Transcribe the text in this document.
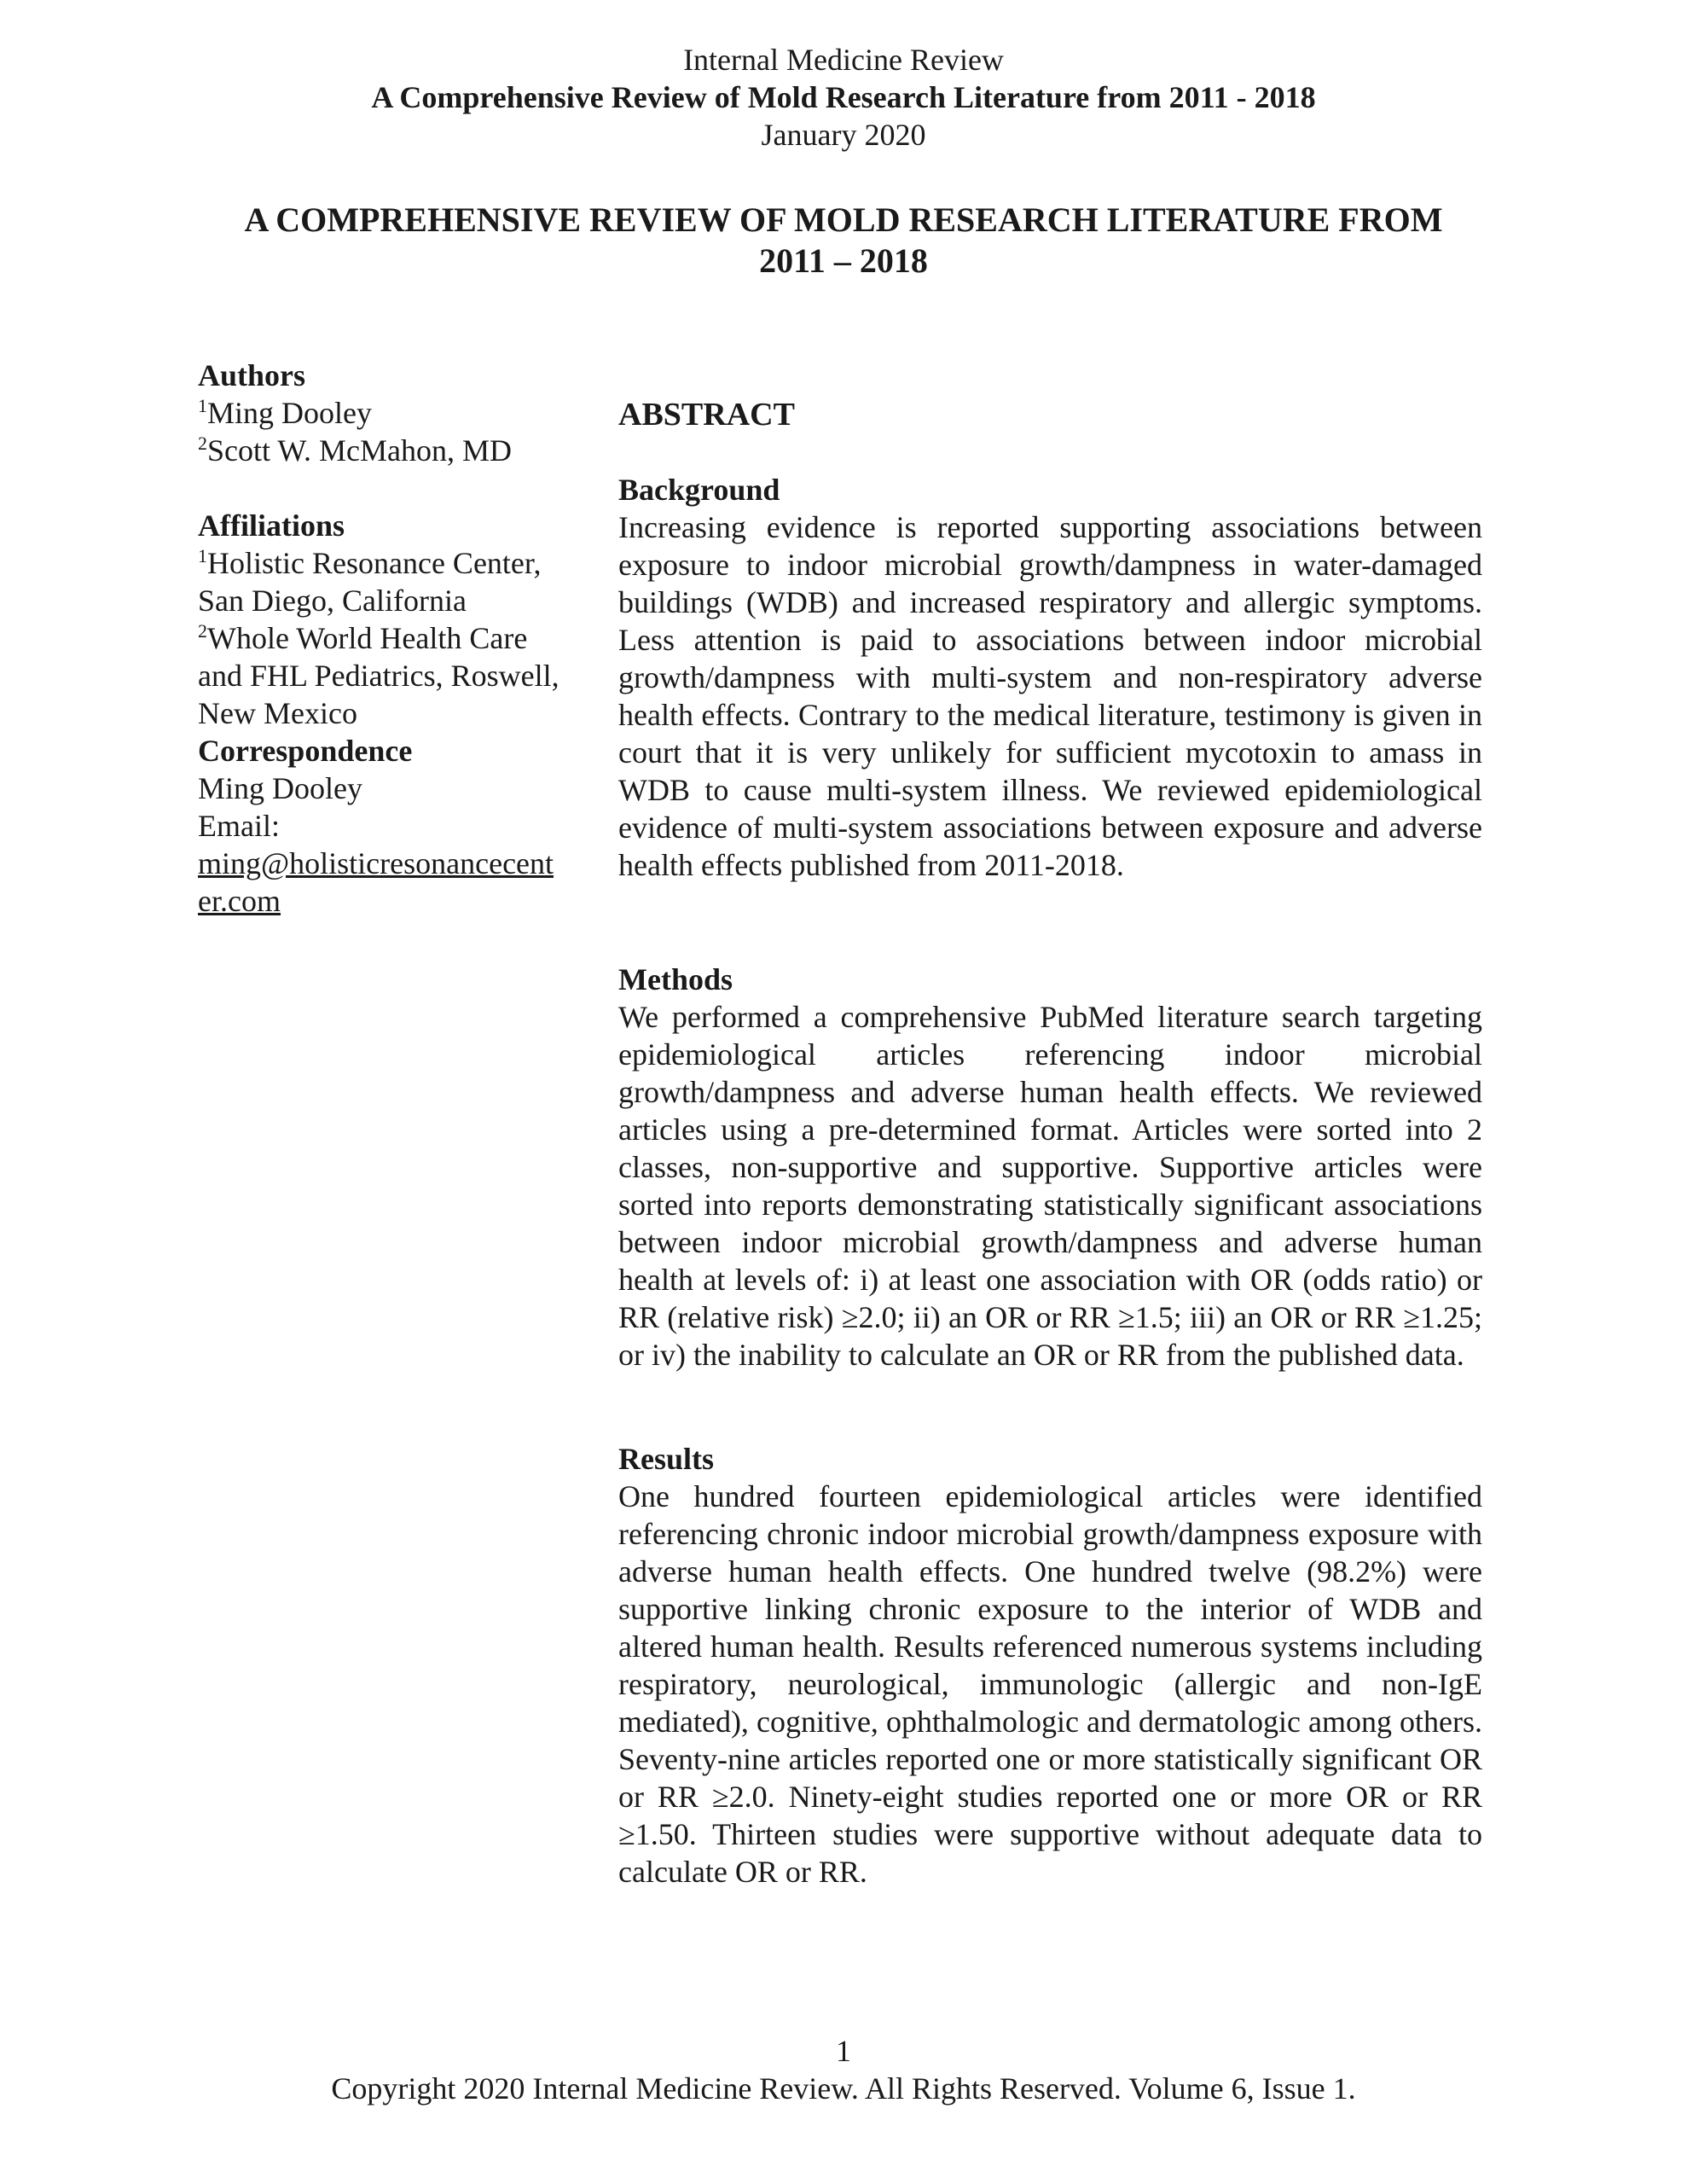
Internal Medicine Review
A Comprehensive Review of Mold Research Literature from 2011 - 2018
January 2020
A COMPREHENSIVE REVIEW OF MOLD RESEARCH LITERATURE FROM
2011 – 2018
Authors
$^1$Ming Dooley
$^2$Scott W. McMahon, MD
Affiliations
$^1$Holistic Resonance Center, San Diego, California
$^2$Whole World Health Care and FHL Pediatrics, Roswell, New Mexico
Correspondence
Ming Dooley
Email:
ming@holisticresonancecenter.com
ABSTRACT
Background
Increasing evidence is reported supporting associations between exposure to indoor microbial growth/dampness in water-damaged buildings (WDB) and increased respiratory and allergic symptoms. Less attention is paid to associations between indoor microbial growth/dampness with multi-system and non-respiratory adverse health effects. Contrary to the medical literature, testimony is given in court that it is very unlikely for sufficient mycotoxin to amass in WDB to cause multi-system illness. We reviewed epidemiological evidence of multi-system associations between exposure and adverse health effects published from 2011-2018.
Methods
We performed a comprehensive PubMed literature search targeting epidemiological articles referencing indoor microbial growth/dampness and adverse human health effects. We reviewed articles using a pre-determined format. Articles were sorted into 2 classes, non-supportive and supportive. Supportive articles were sorted into reports demonstrating statistically significant associations between indoor microbial growth/dampness and adverse human health at levels of: i) at least one association with OR (odds ratio) or RR (relative risk) ≥2.0; ii) an OR or RR ≥1.5; iii) an OR or RR ≥1.25; or iv) the inability to calculate an OR or RR from the published data.
Results
One hundred fourteen epidemiological articles were identified referencing chronic indoor microbial growth/dampness exposure with adverse human health effects. One hundred twelve (98.2%) were supportive linking chronic exposure to the interior of WDB and altered human health. Results referenced numerous systems including respiratory, neurological, immunologic (allergic and non-IgE mediated), cognitive, ophthalmologic and dermatologic among others. Seventy-nine articles reported one or more statistically significant OR or RR ≥2.0. Ninety-eight studies reported one or more OR or RR ≥1.50. Thirteen studies were supportive without adequate data to calculate OR or RR.
1
Copyright 2020 Internal Medicine Review. All Rights Reserved. Volume 6, Issue 1.
